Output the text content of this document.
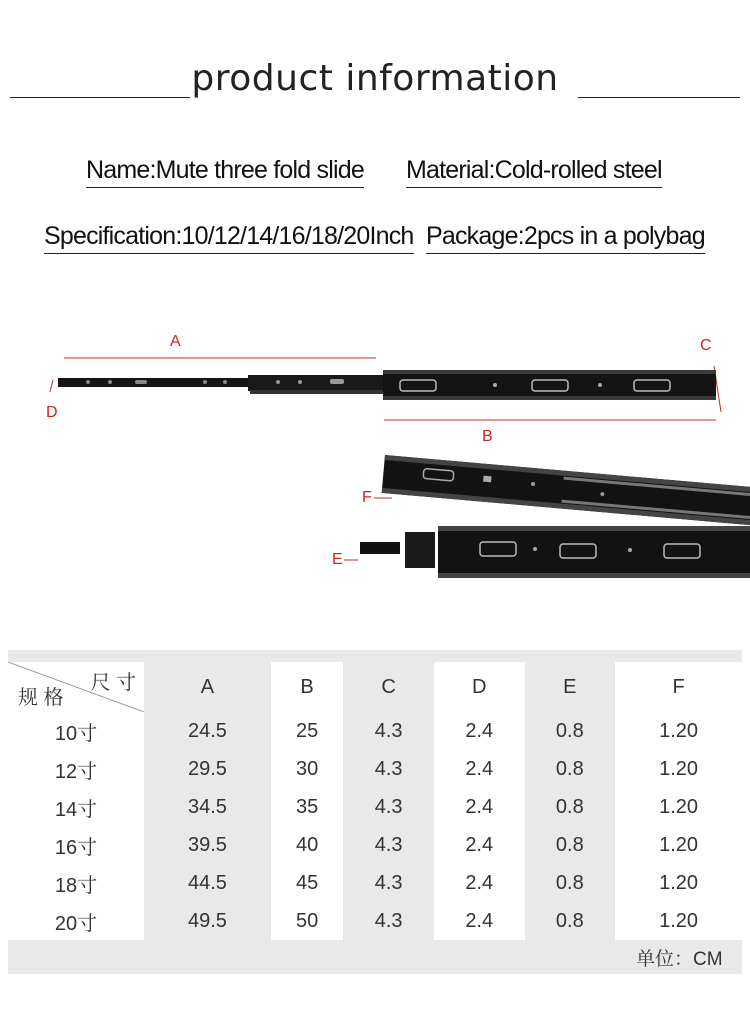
product information
Name:Mute three fold slide Material:Cold-rolled steel
Specification:10/12/14/16/18/20Inch Package:2pcs in a polybag
A	C
D
B
F
E
尺 寸
规 格	A	B	C	D	E	F
10寸	24.5	25	4.3	2.4	0.8	1.20
12寸	29.5	30	4.3	2.4	0.8	1.20
14寸	34.5	35	4.3	2.4	0.8	1.20
16寸	39.5	40	4.3	2.4	0.8	1.20
18寸	44.5	45	4.3	2.4	0.8	1.20
20寸	49.5	50	4.3	2.4	0.8	1.20
单位：CM
